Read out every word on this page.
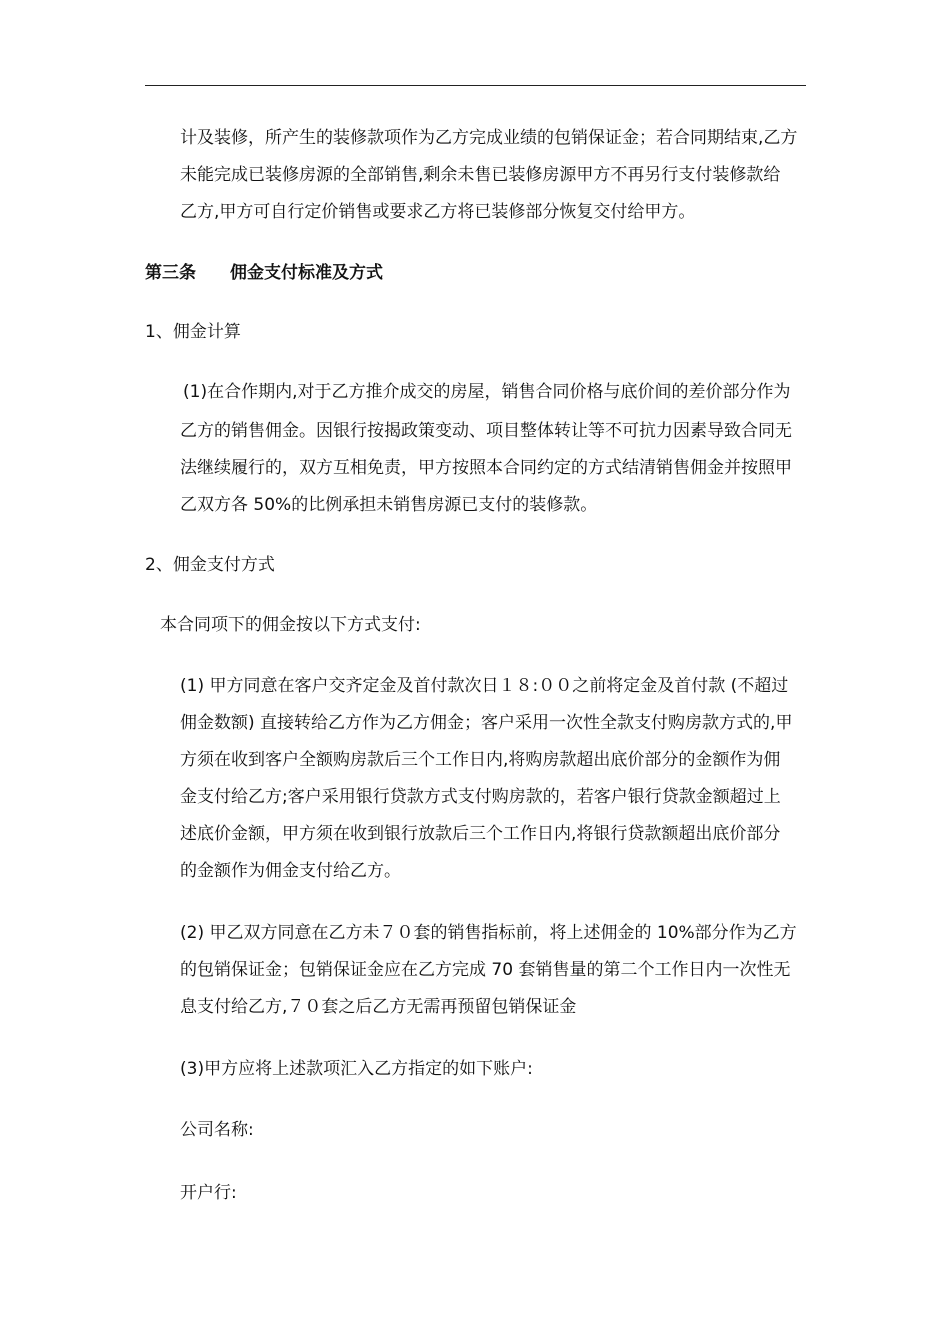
计及装修，所产生的装修款项作为乙方完成业绩的包销保证金；若合同期结束,乙方
未能完成已装修房源的全部销售,剩余未售已装修房源甲方不再另行支付装修款给
乙方,甲方可自行定价销售或要求乙方将已装修部分恢复交付给甲方。
第三条 佣金支付标准及方式
1、佣金计算
(1)在合作期内,对于乙方推介成交的房屋，销售合同价格与底价间的差价部分作为
乙方的销售佣金。因银行按揭政策变动、项目整体转让等不可抗力因素导致合同无
法继续履行的，双方互相免责，甲方按照本合同约定的方式结清销售佣金并按照甲
乙双方各 50%的比例承担未销售房源已支付的装修款。
2、佣金支付方式
本合同项下的佣金按以下方式支付:
(1) 甲方同意在客户交齐定金及首付款次日１８:００之前将定金及首付款 (不超过
佣金数额) 直接转给乙方作为乙方佣金；客户采用一次性全款支付购房款方式的,甲
方须在收到客户全额购房款后三个工作日内,将购房款超出底价部分的金额作为佣
金支付给乙方;客户采用银行贷款方式支付购房款的，若客户银行贷款金额超过上
述底价金额，甲方须在收到银行放款后三个工作日内,将银行贷款额超出底价部分
的金额作为佣金支付给乙方。
(2) 甲乙双方同意在乙方未７０套的销售指标前，将上述佣金的 10%部分作为乙方
的包销保证金；包销保证金应在乙方完成 70 套销售量的第二个工作日内一次性无
息支付给乙方,７０套之后乙方无需再预留包销保证金
(3)甲方应将上述款项汇入乙方指定的如下账户:
公司名称:
开户行:
